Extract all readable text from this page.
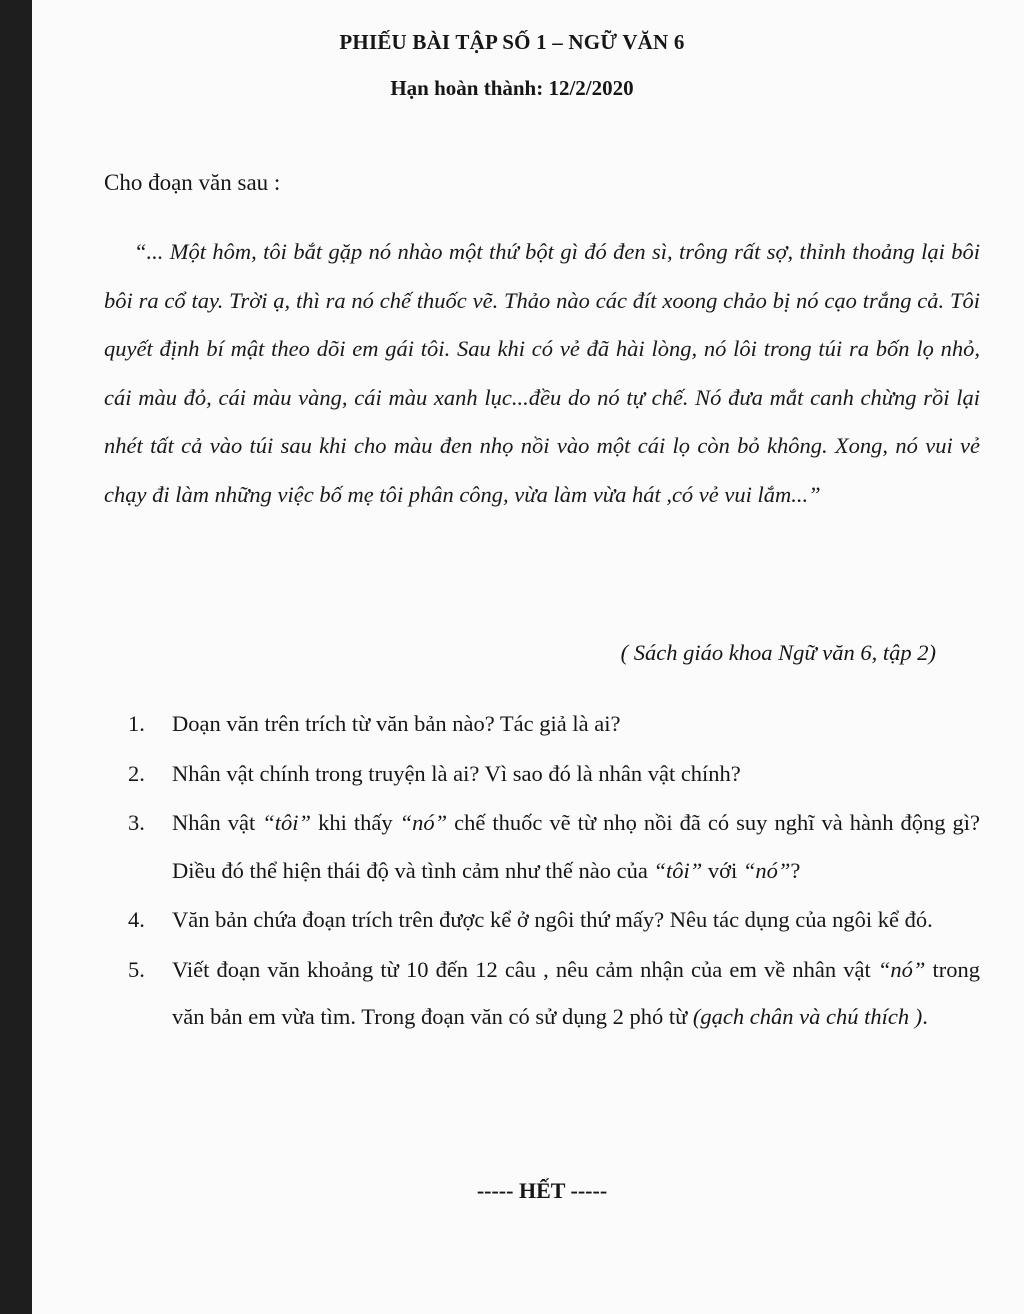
PHIẾU BÀI TẬP SỐ 1 – NGỮ VĂN 6
Hạn hoàn thành: 12/2/2020
Cho đoạn văn sau :
“... Một hôm, tôi bắt gặp nó nhào một thứ bột gì đó đen sì, trông rất sợ, thỉnh thoảng lại bôi bôi ra cổ tay. Trời ạ, thì ra nó chế thuốc vẽ. Thảo nào các đít xoong chảo bị nó cạo trắng cả. Tôi quyết định bí mật theo dõi em gái tôi. Sau khi có vẻ đã hài lòng, nó lôi trong túi ra bốn lọ nhỏ, cái màu đỏ, cái màu vàng, cái màu xanh lục...đều do nó tự chế. Nó đưa mắt canh chừng rồi lại nhét tất cả vào túi sau khi cho màu đen nhọ nồi vào một cái lọ còn bỏ không. Xong, nó vui vẻ chạy đi làm những việc bố mẹ tôi phân công, vừa làm vừa hát ,có vẻ vui lắm...”
( Sách giáo khoa Ngữ văn 6, tập 2)
1. Doạn văn trên trích từ văn bản nào? Tác giả là ai?
2. Nhân vật chính trong truyện là ai? Vì sao đó là nhân vật chính?
3. Nhân vật “tôi” khi thấy “nó” chế thuốc vẽ từ nhọ nồi đã có suy nghĩ và hành động gì? Diều đó thể hiện thái độ và tình cảm như thế nào của “tôi” với “nó”?
4. Văn bản chứa đoạn trích trên được kể ở ngôi thứ mấy? Nêu tác dụng của ngôi kể đó.
5. Viết đoạn văn khoảng từ 10 đến 12 câu , nêu cảm nhận của em về nhân vật “nó” trong văn bản em vừa tìm. Trong đoạn văn có sử dụng 2 phó từ (gạch chân và chú thích ).
----- HẾT -----
